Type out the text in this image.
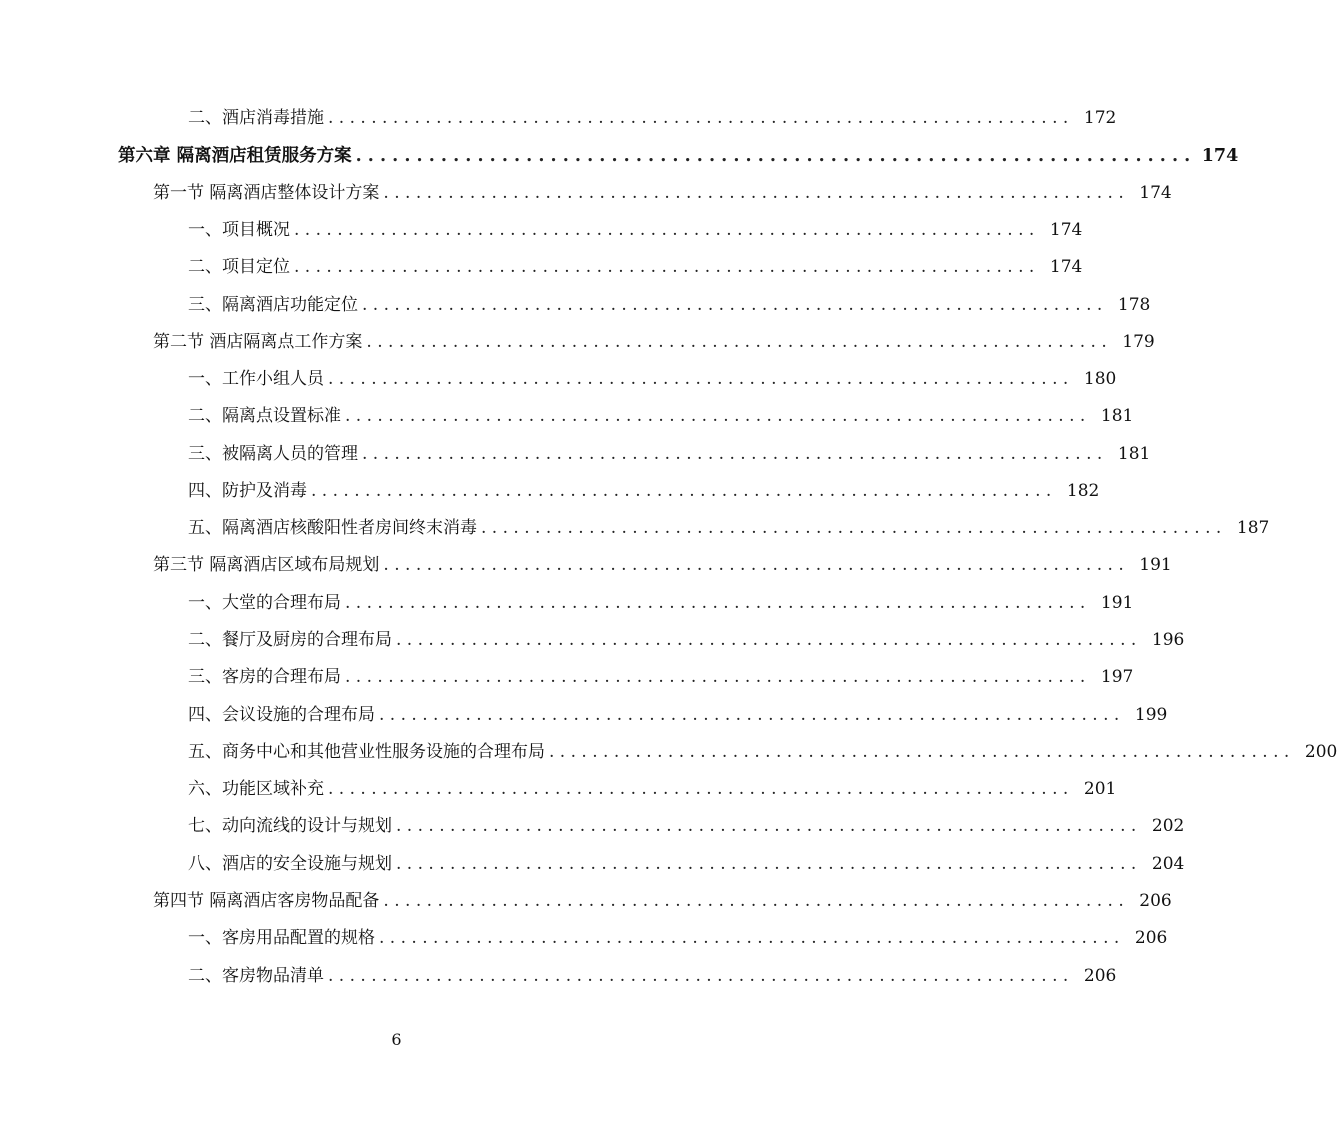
二、酒店消毒措施 . . .	172
第六章 隔离酒店租赁服务方案 . . .	174
第一节 隔离酒店整体设计方案 . . .	174
一、项目概况 . . .	174
二、项目定位 . . .	174
三、隔离酒店功能定位 . . .	178
第二节 酒店隔离点工作方案 . . .	179
一、工作小组人员 . . .	180
二、隔离点设置标准 . . .	181
三、被隔离人员的管理 . . .	181
四、防护及消毒 . . .	182
五、隔离酒店核酸阳性者房间终末消毒 . . .	187
第三节 隔离酒店区域布局规划 . . .	191
一、大堂的合理布局 . . .	191
二、餐厅及厨房的合理布局 . . .	196
三、客房的合理布局 . . .	197
四、会议设施的合理布局 . . .	199
五、商务中心和其他营业性服务设施的合理布局 . . .	200
六、功能区域补充 . . .	201
七、动向流线的设计与规划 . . .	202
八、酒店的安全设施与规划 . . .	204
第四节 隔离酒店客房物品配备 . . .	206
一、客房用品配置的规格 . . .	206
二、客房物品清单 . . .	206
6
